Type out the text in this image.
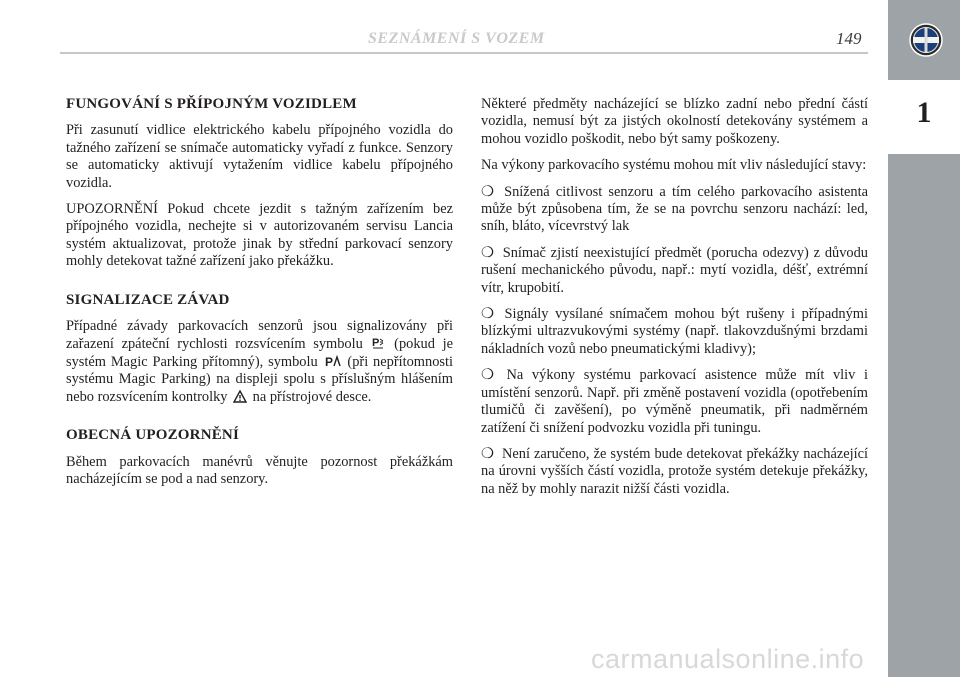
1
SEZNÁMENÍ S VOZEM	149
FUNGOVÁNÍ S PŘÍPOJNÝM VOZIDLEM

Při zasunutí vidlice elektrického kabelu přípojného vozidla do tažného zařízení se snímače automaticky vyřadí z funkce. Senzory se automaticky aktivují vytažením vidlice kabelu přípojného vozidla.

UPOZORNĚNÍ Pokud chcete jezdit s tažným zařízením bez přípojného vozidla, nechejte si v autorizovaném servisu Lancia systém aktualizovat, protože jinak by střední parkovací senzory mohly detekovat tažné zařízení jako překážku.

SIGNALIZACE ZÁVAD

Případné závady parkovacích senzorů jsou signalizovány při zařazení zpáteční rychlosti rozsvícením symbolu P (pokud je systém Magic Parking přítomný), symbolu P (při nepřítomnosti systému Magic Parking) na displeji spolu s příslušným hlášením nebo rozsvícením kontrolky  na přístrojové desce.

OBECNÁ UPOZORNĚNÍ

Během parkovacích manévrů věnujte pozornost překážkám nacházejícím se pod a nad senzory.

Některé předměty nacházející se blízko zadní nebo přední částí vozidla, nemusí být za jistých okolností detekovány systémem a mohou vozidlo poškodit, nebo být samy poškozeny.

Na výkony parkovacího systému mohou mít vliv následující stavy:

❍ Snížená citlivost senzoru a tím celého parkovacího asistenta může být způsobena tím, že se na povrchu senzoru nachází: led, sníh, bláto, vícevrstvý lak

❍ Snímač zjistí neexistující předmět (porucha odezvy) z důvodu rušení mechanického původu, např.: mytí vozidla, déšť, extrémní vítr, krupobití.

❍ Signály vysílané snímačem mohou být rušeny i případnými blízkými ultrazvukovými systémy (např. tlakovzdušnými brzdami nákladních vozů nebo pneumatickými kladivy);

❍ Na výkony systému parkovací asistence může mít vliv i umístění senzorů. Např. při změně postavení vozidla (opotřebením tlumičů či zavěšení), po výměně pneumatik, při nadměrném zatížení či snížení podvozku vozidla při tuningu.

❍ Není zaručeno, že systém bude detekovat překážky nacházející na úrovni vyšších částí vozidla, protože systém detekuje překážky, na něž by mohly narazit nižší části vozidla.

carmanualsonline.info
